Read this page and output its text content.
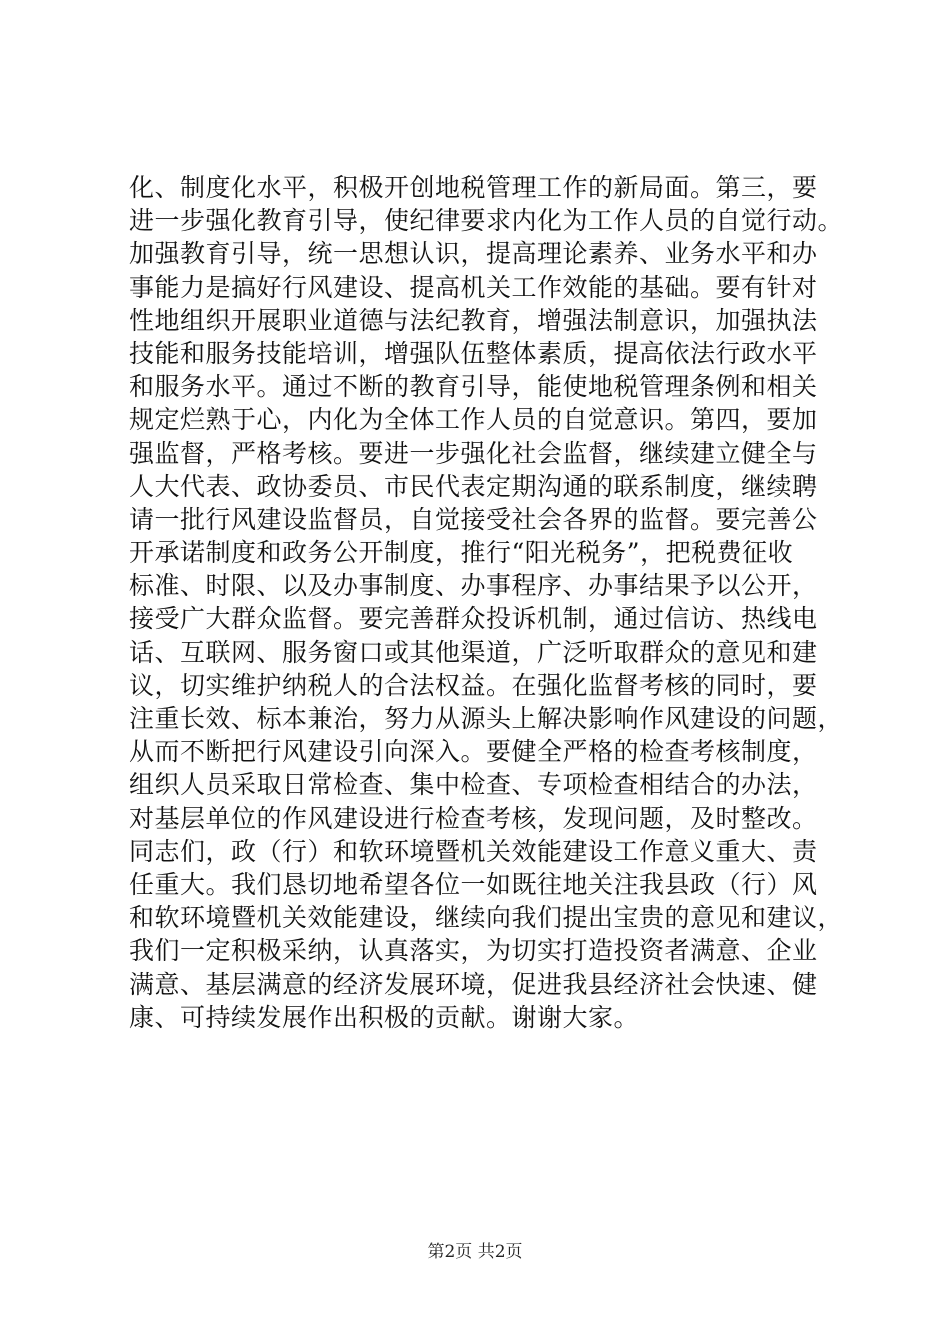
化、制度化水平，积极开创地税管理工作的新局面。第三，要
进一步强化教育引导，使纪律要求内化为工作人员的自觉行动。
加强教育引导，统一思想认识，提高理论素养、业务水平和办
事能力是搞好行风建设、提高机关工作效能的基础。要有针对
性地组织开展职业道德与法纪教育，增强法制意识，加强执法
技能和服务技能培训，增强队伍整体素质，提高依法行政水平
和服务水平。通过不断的教育引导，能使地税管理条例和相关
规定烂熟于心，内化为全体工作人员的自觉意识。第四，要加
强监督，严格考核。要进一步强化社会监督，继续建立健全与
人大代表、政协委员、市民代表定期沟通的联系制度，继续聘
请一批行风建设监督员，自觉接受社会各界的监督。要完善公
开承诺制度和政务公开制度，推行“阳光税务”，把税费征收
标准、时限、以及办事制度、办事程序、办事结果予以公开，
接受广大群众监督。要完善群众投诉机制，通过信访、热线电
话、互联网、服务窗口或其他渠道，广泛听取群众的意见和建
议，切实维护纳税人的合法权益。在强化监督考核的同时，要
注重长效、标本兼治，努力从源头上解决影响作风建设的问题，
从而不断把行风建设引向深入。要健全严格的检查考核制度，
组织人员采取日常检查、集中检查、专项检查相结合的办法，
对基层单位的作风建设进行检查考核，发现问题，及时整改。
同志们，政（行）和软环境暨机关效能建设工作意义重大、责
任重大。我们恳切地希望各位一如既往地关注我县政（行）风
和软环境暨机关效能建设，继续向我们提出宝贵的意见和建议，
我们一定积极采纳，认真落实，为切实打造投资者满意、企业
满意、基层满意的经济发展环境，促进我县经济社会快速、健
康、可持续发展作出积极的贡献。谢谢大家。
第2页 共2页
